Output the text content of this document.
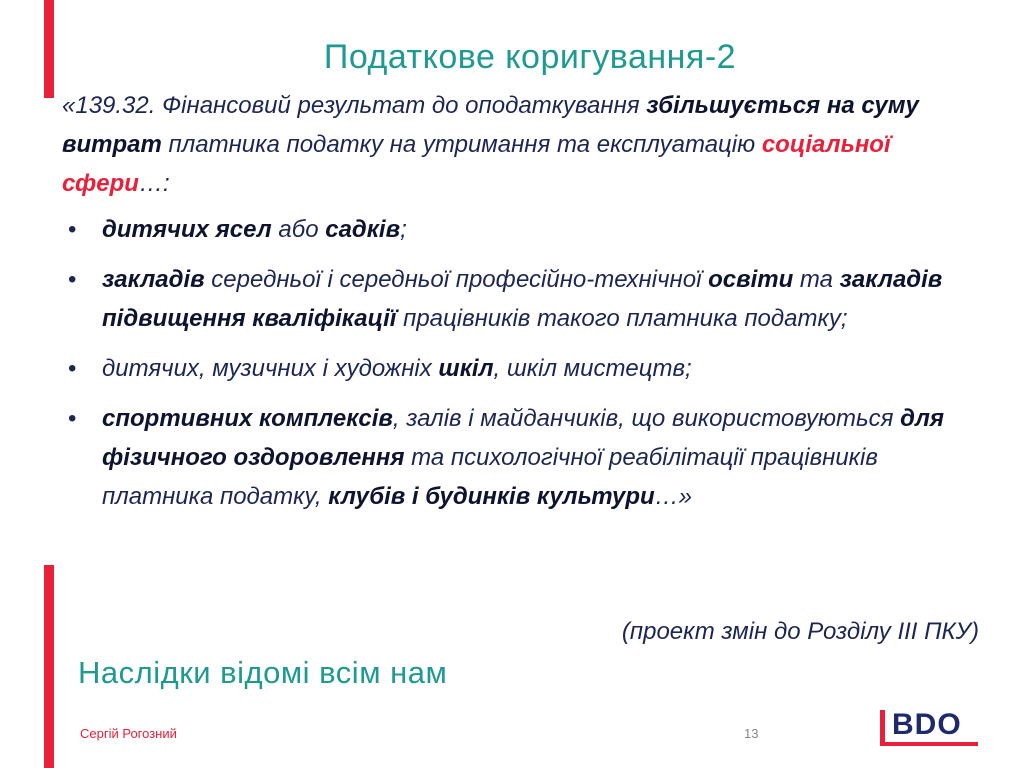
Податкове коригування-2

«139.32. Фінансовий результат до оподаткування збільшується на суму витрат платника податку на утримання та експлуатацію соціальної сфери…:

• дитячих ясел або садків;
• закладів середньої і середньої професійно-технічної освіти та закладів підвищення кваліфікації працівників такого платника податку;
• дитячих, музичних і художніх шкіл, шкіл мистецтв;
• спортивних комплексів, залів і майданчиків, що використовуються для фізичного оздоровлення та психологічної реабілітації працівників платника податку, клубів і будинків культури…»
(проект змін до Розділу III ПКУ)
Наслідки відомі всім нам
Сергій Рогозний	13	BDO
